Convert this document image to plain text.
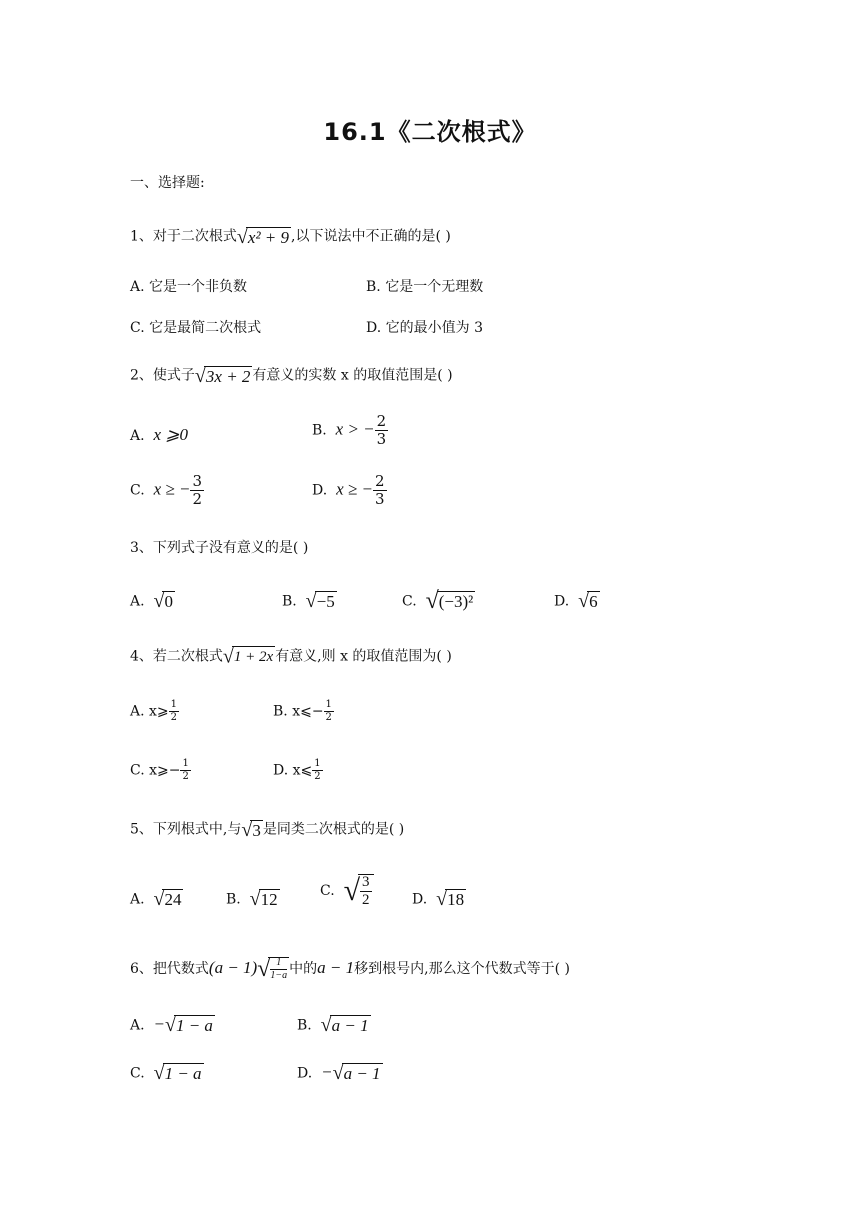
16.1《二次根式》
一、选择题:
1、对于二次根式√x² + 9 ,以下说法中不正确的是( )
A. 它是一个非负数	B. 它是一个无理数
C. 它是最简二次根式	D. 它的最小值为 3
2、使式子√3x + 2 有意义的实数 x 的取值范围是( )
A. x ⩾0	B. x > − $\frac{2}{3}$
C. x ≥ − $\frac{3}{2}$	D. x ≥ − $\frac{2}{3}$
3、下列式子没有意义的是( )
A. √0	B. √−5	C. √(−3)²	D. √6
4、若二次根式√1 + 2x 有意义,则 x 的取值范围为( )
A. x⩾ $\frac{1}{2}$	B. x⩽− $\frac{1}{2}$
C. x⩾− $\frac{1}{2}$	D. x⩽ $\frac{1}{2}$
5、下列根式中,与√3 是同类二次根式的是( )
A. √24	B. √12	C. √ $\frac{3}{2}$	D. √18
6、把代数式$(a - 1)√ \frac{1}{1-a}$ 中的a − 1移到根号内,那么这个代数式等于( )
A. −√1 − a	B. √a − 1
C. √1 − a	D. −√a − 1
